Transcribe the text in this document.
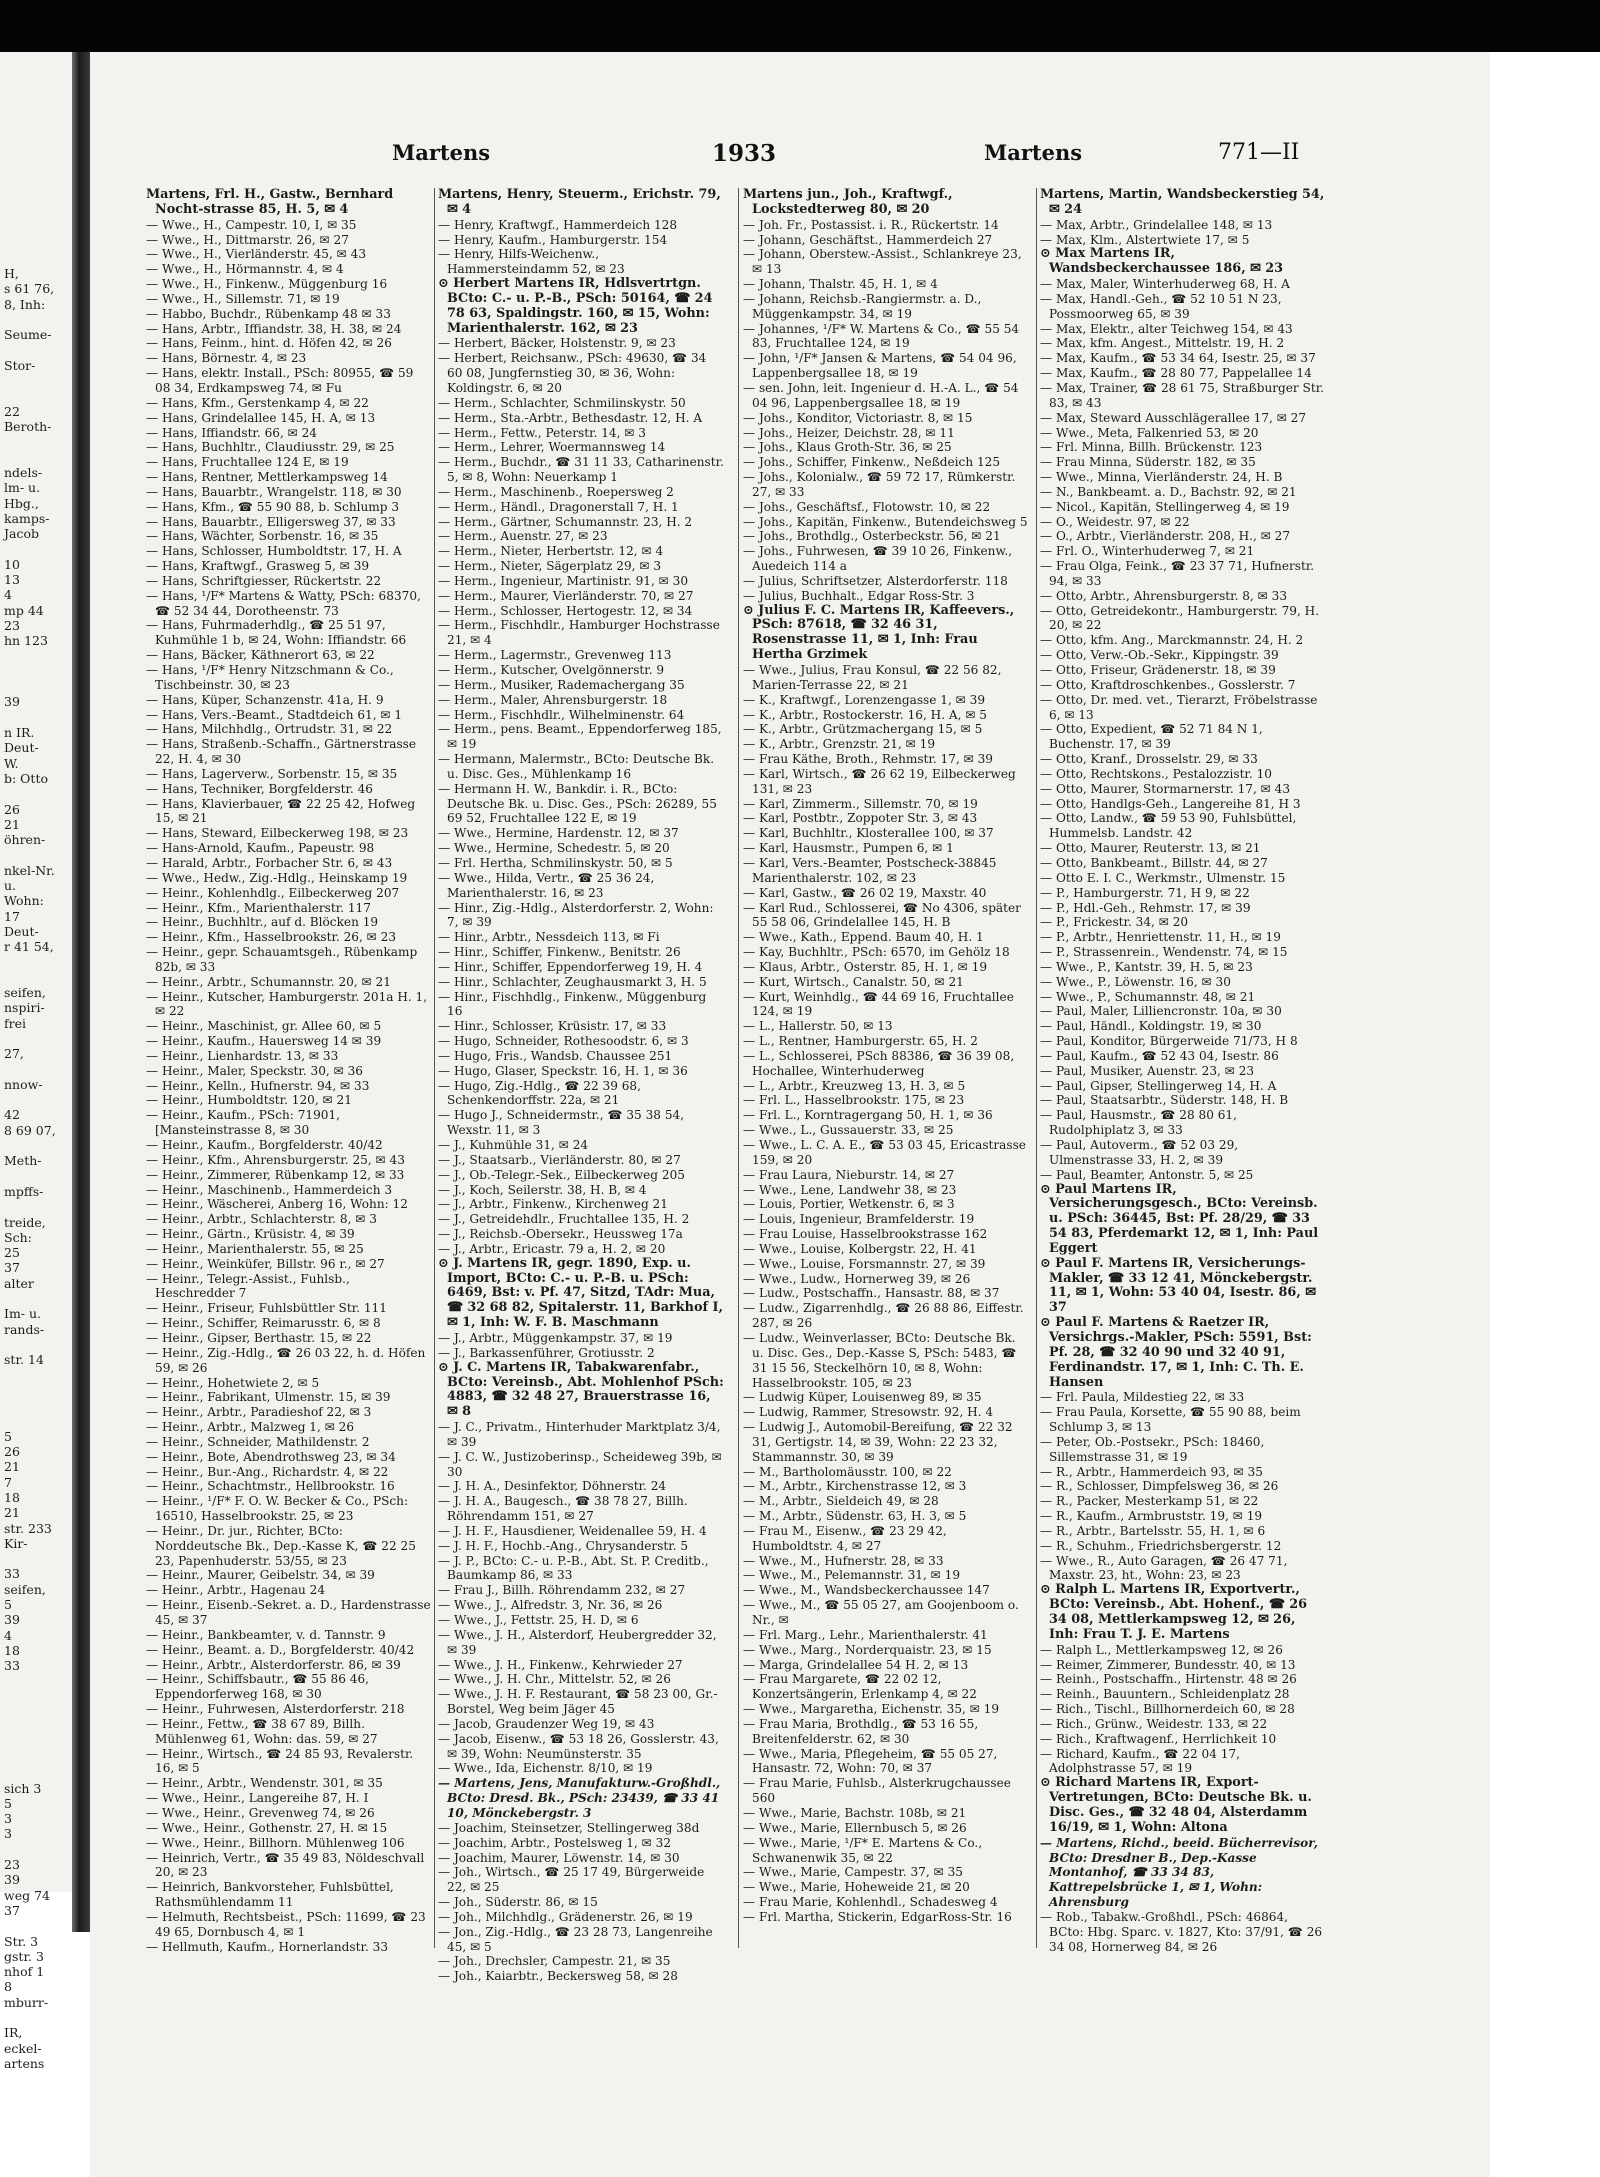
H,
s 61 76,
8, Inh:
Seume-
Stor-
22
Beroth-
ndels-
lm- u.
Hbg.,
kamps-
Jacob
10
13
4
mp 44
23
hn 123
39
n IR.
Deut-
W.
b: Otto
26
21
öhren-
nkel-Nr.
u.
Wohn:
17
Deut-
r 41 54,
seifen,
nspiri-
frei
27,
nnow-
42
8 69 07,
Meth-
mpffs-
treide,
Sch:
25
37
alter
Im- u.
rands-
str. 14
5
26
21
7
18
21
str. 233
Kir-
33
seifen,
5
39
4
18
33
sich 3
5
3
3
23
39
weg 74
37
Str. 3
gstr. 3
nhof 1
8
mburr-
IR,
eckel-
artens
Martens	1933	Martens	771—II
Martens, Frl. H., Gastw., Bernhard Nocht-strasse 85, H. 5, ✉ 4
— Wwe., H., Campestr. 10, I, ✉ 35
— Wwe., H., Dittmarstr. 26, ✉ 27
— Wwe., H., Vierländerstr. 45, ✉ 43
— Wwe., H., Hörmannstr. 4, ✉ 4
— Wwe., H., Finkenw., Müggenburg 16
— Wwe., H., Sillemstr. 71, ✉ 19
— Habbo, Buchdr., Rübenkamp 48 ✉ 33
— Hans, Arbtr., Iffiandstr. 38, H. 38, ✉ 24
— Hans, Feinm., hint. d. Höfen 42, ✉ 26
— Hans, Börnestr. 4, ✉ 23
— Hans, elektr. Install., PSch: 80955, ☎ 59 08 34, Erdkampsweg 74, ✉ Fu
— Hans, Kfm., Gerstenkamp 4, ✉ 22
— Hans, Grindelallee 145, H. A, ✉ 13
— Hans, Iffiandstr. 66, ✉ 24
— Hans, Buchhltr., Claudiusstr. 29, ✉ 25
— Hans, Fruchtallee 124 E, ✉ 19
— Hans, Rentner, Mettlerkampsweg 14
— Hans, Bauarbtr., Wrangelstr. 118, ✉ 30
— Hans, Kfm., ☎ 55 90 88, b. Schlump 3
— Hans, Bauarbtr., Elligersweg 37, ✉ 33
— Hans, Wächter, Sorbenstr. 16, ✉ 35
— Hans, Schlosser, Humboldtstr. 17, H. A
— Hans, Kraftwgf., Grasweg 5, ✉ 39
— Hans, Schriftgiesser, Rückertstr. 22
— Hans, ¹/F* Martens & Watty, PSch: 68370, ☎ 52 34 44, Dorotheenstr. 73
— Hans, Fuhrmaderhdlg., ☎ 25 51 97, Kuhmühle 1 b, ✉ 24, Wohn: Iffiandstr. 66
— Hans, Bäcker, Käthnerort 63, ✉ 22
— Hans, ¹/F* Henry Nitzschmann & Co., Tischbeinstr. 30, ✉ 23
— Hans, Küper, Schanzenstr. 41a, H. 9
— Hans, Vers.-Beamt., Stadtdeich 61, ✉ 1
— Hans, Milchhdlg., Ortrudstr. 31, ✉ 22
— Hans, Straßenb.-Schaffn., Gärtnerstrasse 22, H. 4, ✉ 30
— Hans, Lagerverw., Sorbenstr. 15, ✉ 35
— Hans, Techniker, Borgfelderstr. 46
— Hans, Klavierbauer, ☎ 22 25 42, Hofweg 15, ✉ 21
— Hans, Steward, Eilbeckerweg 198, ✉ 23
— Hans-Arnold, Kaufm., Papeustr. 98
— Harald, Arbtr., Forbacher Str. 6, ✉ 43
— Wwe., Hedw., Zig.-Hdlg., Heinskamp 19
— Heinr., Kohlenhdlg., Eilbeckerweg 207
— Heinr., Kfm., Marienthalerstr. 117
— Heinr., Buchhltr., auf d. Blöcken 19
— Heinr., Kfm., Hasselbrookstr. 26, ✉ 23
— Heinr., gepr. Schauamtsgeh., Rübenkamp 82b, ✉ 33
— Heinr., Arbtr., Schumannstr. 20, ✉ 21
— Heinr., Kutscher, Hamburgerstr. 201a H. 1, ✉ 22
— Heinr., Maschinist, gr. Allee 60, ✉ 5
— Heinr., Kaufm., Hauersweg 14 ✉ 39
— Heinr., Lienhardstr. 13, ✉ 33
— Heinr., Maler, Speckstr. 30, ✉ 36
— Heinr., Kelln., Hufnerstr. 94, ✉ 33
— Heinr., Humboldtstr. 120, ✉ 21
— Heinr., Kaufm., PSch: 71901, [Mansteinstrasse 8, ✉ 30
— Heinr., Kaufm., Borgfelderstr. 40/42
— Heinr., Kfm., Ahrensburgerstr. 25, ✉ 43
— Heinr., Zimmerer, Rübenkamp 12, ✉ 33
— Heinr., Maschinenb., Hammerdeich 3
— Heinr., Wäscherei, Anberg 16, Wohn: 12
— Heinr., Arbtr., Schlachterstr. 8, ✉ 3
— Heinr., Gärtn., Krüsistr. 4, ✉ 39
— Heinr., Marienthalerstr. 55, ✉ 25
— Heinr., Weinküfer, Billstr. 96 r., ✉ 27
— Heinr., Telegr.-Assist., Fuhlsb., Heschredder 7
— Heinr., Friseur, Fuhlsbüttler Str. 111
— Heinr., Schiffer, Reimarusstr. 6, ✉ 8
— Heinr., Gipser, Berthastr. 15, ✉ 22
— Heinr., Zig.-Hdlg., ☎ 26 03 22, h. d. Höfen 59, ✉ 26
— Heinr., Hohetwiete 2, ✉ 5
— Heinr., Fabrikant, Ulmenstr. 15, ✉ 39
— Heinr., Arbtr., Paradieshof 22, ✉ 3
— Heinr., Arbtr., Malzweg 1, ✉ 26
— Heinr., Schneider, Mathildenstr. 2
— Heinr., Bote, Abendrothsweg 23, ✉ 34
— Heinr., Bur.-Ang., Richardstr. 4, ✉ 22
— Heinr., Schachtmstr., Hellbrookstr. 16
— Heinr., ¹/F* F. O. W. Becker & Co., PSch: 16510, Hasselbrookstr. 25, ✉ 23
— Heinr., Dr. jur., Richter, BCto: Norddeutsche Bk., Dep.-Kasse K, ☎ 22 25 23, Papenhuderstr. 53/55, ✉ 23
— Heinr., Maurer, Geibelstr. 34, ✉ 39
— Heinr., Arbtr., Hagenau 24
— Heinr., Eisenb.-Sekret. a. D., Hardenstrasse 45, ✉ 37
— Heinr., Bankbeamter, v. d. Tannstr. 9
— Heinr., Beamt. a. D., Borgfelderstr. 40/42
— Heinr., Arbtr., Alsterdorferstr. 86, ✉ 39
— Heinr., Schiffsbautr., ☎ 55 86 46, Eppendorferweg 168, ✉ 30
— Heinr., Fuhrwesen, Alsterdorferstr. 218
— Heinr., Fettw., ☎ 38 67 89, Billh. Mühlenweg 61, Wohn: das. 59, ✉ 27
— Heinr., Wirtsch., ☎ 24 85 93, Revalerstr. 16, ✉ 5
— Heinr., Arbtr., Wendenstr. 301, ✉ 35
— Wwe., Heinr., Langereihe 87, H. I
— Wwe., Heinr., Grevenweg 74, ✉ 26
— Wwe., Heinr., Gothenstr. 27, H. ✉ 15
— Wwe., Heinr., Billhorn. Mühlenweg 106
— Heinrich, Vertr., ☎ 35 49 83, Nöldeschvall 20, ✉ 23
— Heinrich, Bankvorsteher, Fuhlsbüttel, Rathsmühlendamm 11
— Helmuth, Rechtsbeist., PSch: 11699, ☎ 23 49 65, Dornbusch 4, ✉ 1
— Hellmuth, Kaufm., Hornerlandstr. 33
Martens, Henry, Steuerm., Erichstr. 79, ✉ 4
— Henry, Kraftwgf., Hammerdeich 128
— Henry, Kaufm., Hamburgerstr. 154
— Henry, Hilfs-Weichenw., Hammersteindamm 52, ✉ 23
⊙ Herbert Martens IR, Hdlsvertrtgn. BCto: C.- u. P.-B., PSch: 50164, ☎ 24 78 63, Spaldingstr. 160, ✉ 15, Wohn: Marienthalerstr. 162, ✉ 23
— Herbert, Bäcker, Holstenstr. 9, ✉ 23
— Herbert, Reichsanw., PSch: 49630, ☎ 34 60 08, Jungfernstieg 30, ✉ 36, Wohn: Koldingstr. 6, ✉ 20
— Herm., Schlachter, Schmilinskystr. 50
— Herm., Sta.-Arbtr., Bethesdastr. 12, H. A
— Herm., Fettw., Peterstr. 14, ✉ 3
— Herm., Lehrer, Woermannsweg 14
— Herm., Buchdr., ☎ 31 11 33, Catharinenstr. 5, ✉ 8, Wohn: Neuerkamp 1
— Herm., Maschinenb., Roepersweg 2
— Herm., Händl., Dragonerstall 7, H. 1
— Herm., Gärtner, Schumannstr. 23, H. 2
— Herm., Auenstr. 27, ✉ 23
— Herm., Nieter, Herbertstr. 12, ✉ 4
— Herm., Nieter, Sägerplatz 29, ✉ 3
— Herm., Ingenieur, Martinistr. 91, ✉ 30
— Herm., Maurer, Vierländerstr. 70, ✉ 27
— Herm., Schlosser, Hertogestr. 12, ✉ 34
— Herm., Fischhdlr., Hamburger Hochstrasse 21, ✉ 4
— Herm., Lagermstr., Grevenweg 113
— Herm., Kutscher, Ovelgönnerstr. 9
— Herm., Musiker, Rademachergang 35
— Herm., Maler, Ahrensburgerstr. 18
— Herm., Fischhdlr., Wilhelminenstr. 64
— Herm., pens. Beamt., Eppendorferweg 185, ✉ 19
— Hermann, Malermstr., BCto: Deutsche Bk. u. Disc. Ges., Mühlenkamp 16
— Hermann H. W., Bankdir. i. R., BCto: Deutsche Bk. u. Disc. Ges., PSch: 26289, 55 69 52, Fruchtallee 122 E, ✉ 19
— Wwe., Hermine, Hardenstr. 12, ✉ 37
— Wwe., Hermine, Schedestr. 5, ✉ 20
— Frl. Hertha, Schmilinskystr. 50, ✉ 5
— Wwe., Hilda, Vertr., ☎ 25 36 24, Marienthalerstr. 16, ✉ 23
— Hinr., Zig.-Hdlg., Alsterdorferstr. 2, Wohn: 7, ✉ 39
— Hinr., Arbtr., Nessdeich 113, ✉ Fi
— Hinr., Schiffer, Finkenw., Benitstr. 26
— Hinr., Schiffer, Eppendorferweg 19, H. 4
— Hinr., Schlachter, Zeughausmarkt 3, H. 5
— Hinr., Fischhdlg., Finkenw., Müggenburg 16
— Hinr., Schlosser, Krüsistr. 17, ✉ 33
— Hugo, Schneider, Rothesoodstr. 6, ✉ 3
— Hugo, Fris., Wandsb. Chaussee 251
— Hugo, Glaser, Speckstr. 16, H. 1, ✉ 36
— Hugo, Zig.-Hdlg., ☎ 22 39 68, Schenkendorffstr. 22a, ✉ 21
— Hugo J., Schneidermstr., ☎ 35 38 54, Wexstr. 11, ✉ 3
— J., Kuhmühle 31, ✉ 24
— J., Staatsarb., Vierländerstr. 80, ✉ 27
— J., Ob.-Telegr.-Sek., Eilbeckerweg 205
— J., Koch, Seilerstr. 38, H. B, ✉ 4
— J., Arbtr., Finkenw., Kirchenweg 21
— J., Getreidehdlr., Fruchtallee 135, H. 2
— J., Reichsb.-Obersekr., Heussweg 17a
— J., Arbtr., Ericastr. 79 a, H. 2, ✉ 20
⊙ J. Martens IR, gegr. 1890, Exp. u. Import, BCto: C.- u. P.-B. u. PSch: 6469, Bst: v. Pf. 47, Sitzd, TAdr: Mua, ☎ 32 68 82, Spitalerstr. 11, Barkhof I, ✉ 1, Inh: W. F. B. Maschmann
— J., Arbtr., Müggenkampstr. 37, ✉ 19
— J., Barkassenführer, Grotiusstr. 2
⊙ J. C. Martens IR, Tabakwarenfabr., BCto: Vereinsb., Abt. Mohlenhof PSch: 4883, ☎ 32 48 27, Brauerstrasse 16, ✉ 8
— J. C., Privatm., Hinterhuder Marktplatz 3/4, ✉ 39
— J. C. W., Justizoberinsp., Scheideweg 39b, ✉ 30
— J. H. A., Desinfektor, Döhnerstr. 24
— J. H. A., Baugesch., ☎ 38 78 27, Billh. Röhrendamm 151, ✉ 27
— J. H. F., Hausdiener, Weidenallee 59, H. 4
— J. H. F., Hochb.-Ang., Chrysanderstr. 5
— J. P., BCto: C.- u. P.-B., Abt. St. P. Creditb., Baumkamp 86, ✉ 33
— Frau J., Billh. Röhrendamm 232, ✉ 27
— Wwe., J., Alfredstr. 3, Nr. 36, ✉ 26
— Wwe., J., Fettstr. 25, H. D, ✉ 6
— Wwe., J. H., Alsterdorf, Heubergredder 32, ✉ 39
— Wwe., J. H., Finkenw., Kehrwieder 27
— Wwe., J. H. Chr., Mittelstr. 52, ✉ 26
— Wwe., J. H. F. Restaurant, ☎ 58 23 00, Gr.-Borstel, Weg beim Jäger 45
— Jacob, Graudenzer Weg 19, ✉ 43
— Jacob, Eisenw., ☎ 53 18 26, Gosslerstr. 43, ✉ 39, Wohn: Neumünsterstr. 35
— Wwe., Ida, Eichenstr. 8/10, ✉ 19
— Martens, Jens, Manufakturw.-Großhdl., BCto: Dresd. Bk., PSch: 23439, ☎ 33 41 10, Mönckebergstr. 3
— Joachim, Steinsetzer, Stellingerweg 38d
— Joachim, Arbtr., Postelsweg 1, ✉ 32
— Joachim, Maurer, Löwenstr. 14, ✉ 30
— Joh., Wirtsch., ☎ 25 17 49, Bürgerweide 22, ✉ 25
— Joh., Süderstr. 86, ✉ 15
— Joh., Milchhdlg., Grädenerstr. 26, ✉ 19
— Jon., Zig.-Hdlg., ☎ 23 28 73, Langenreihe 45, ✉ 5
— Joh., Drechsler, Campestr. 21, ✉ 35
— Joh., Kaiarbtr., Beckersweg 58, ✉ 28
Martens jun., Joh., Kraftwgf., Lockstedterweg 80, ✉ 20
— Joh. Fr., Postassist. i. R., Rückertstr. 14
— Johann, Geschäftst., Hammerdeich 27
— Johann, Oberstew.-Assist., Schlankreye 23, ✉ 13
— Johann, Thalstr. 45, H. 1, ✉ 4
— Johann, Reichsb.-Rangiermstr. a. D., Müggenkampstr. 34, ✉ 19
— Johannes, ¹/F* W. Martens & Co., ☎ 55 54 83, Fruchtallee 124, ✉ 19
— John, ¹/F* Jansen & Martens, ☎ 54 04 96, Lappenbergsallee 18, ✉ 19
— sen. John, leit. Ingenieur d. H.-A. L., ☎ 54 04 96, Lappenbergsallee 18, ✉ 19
— Johs., Konditor, Victoriastr. 8, ✉ 15
— Johs., Heizer, Deichstr. 28, ✉ 11
— Johs., Klaus Groth-Str. 36, ✉ 25
— Johs., Schiffer, Finkenw., Neßdeich 125
— Johs., Kolonialw., ☎ 59 72 17, Rümkerstr. 27, ✉ 33
— Johs., Geschäftsf., Flotowstr. 10, ✉ 22
— Johs., Kapitän, Finkenw., Butendeichsweg 5
— Johs., Brothdlg., Osterbeckstr. 56, ✉ 21
— Johs., Fuhrwesen, ☎ 39 10 26, Finkenw., Auedeich 114 a
— Julius, Schriftsetzer, Alsterdorferstr. 118
— Julius, Buchhalt., Edgar Ross-Str. 3
⊙ Julius F. C. Martens IR, Kaffeevers., PSch: 87618, ☎ 32 46 31, Rosenstrasse 11, ✉ 1, Inh: Frau Hertha Grzimek
— Wwe., Julius, Frau Konsul, ☎ 22 56 82, Marien-Terrasse 22, ✉ 21
— K., Kraftwgf., Lorenzengasse 1, ✉ 39
— K., Arbtr., Rostockerstr. 16, H. A, ✉ 5
— K., Arbtr., Grützmachergang 15, ✉ 5
— K., Arbtr., Grenzstr. 21, ✉ 19
— Frau Käthe, Broth., Rehmstr. 17, ✉ 39
— Karl, Wirtsch., ☎ 26 62 19, Eilbeckerweg 131, ✉ 23
— Karl, Zimmerm., Sillemstr. 70, ✉ 19
— Karl, Postbtr., Zoppoter Str. 3, ✉ 43
— Karl, Buchhltr., Klosterallee 100, ✉ 37
— Karl, Hausmstr., Pumpen 6, ✉ 1
— Karl, Vers.-Beamter, Postscheck-38845 Marienthalerstr. 102, ✉ 23
— Karl, Gastw., ☎ 26 02 19, Maxstr. 40
— Karl Rud., Schlosserei, ☎ No 4306, später 55 58 06, Grindelallee 145, H. B
— Wwe., Kath., Eppend. Baum 40, H. 1
— Kay, Buchhltr., PSch: 6570, im Gehölz 18
— Klaus, Arbtr., Osterstr. 85, H. 1, ✉ 19
— Kurt, Wirtsch., Canalstr. 50, ✉ 21
— Kurt, Weinhdlg., ☎ 44 69 16, Fruchtallee 124, ✉ 19
— L., Hallerstr. 50, ✉ 13
— L., Rentner, Hamburgerstr. 65, H. 2
— L., Schlosserei, PSch 88386, ☎ 36 39 08, Hochallee, Winterhuderweg
— L., Arbtr., Kreuzweg 13, H. 3, ✉ 5
— Frl. L., Hasselbrookstr. 175, ✉ 23
— Frl. L., Korntragergang 50, H. 1, ✉ 36
— Wwe., L., Gussauerstr. 33, ✉ 25
— Wwe., L. C. A. E., ☎ 53 03 45, Ericastrasse 159, ✉ 20
— Frau Laura, Nieburstr. 14, ✉ 27
— Wwe., Lene, Landwehr 38, ✉ 23
— Louis, Portier, Wetkenstr. 6, ✉ 3
— Louis, Ingenieur, Bramfelderstr. 19
— Frau Louise, Hasselbrookstrasse 162
— Wwe., Louise, Kolbergstr. 22, H. 41
— Wwe., Louise, Forsmannstr. 27, ✉ 39
— Wwe., Ludw., Hornerweg 39, ✉ 26
— Ludw., Postschaffn., Hansastr. 88, ✉ 37
— Ludw., Zigarrenhdlg., ☎ 26 88 86, Eiffestr. 287, ✉ 26
— Ludw., Weinverlasser, BCto: Deutsche Bk. u. Disc. Ges., Dep.-Kasse S, PSch: 5483, ☎ 31 15 56, Steckelhörn 10, ✉ 8, Wohn: Hasselbrookstr. 105, ✉ 23
— Ludwig Küper, Louisenweg 89, ✉ 35
— Ludwig, Rammer, Stresowstr. 92, H. 4
— Ludwig J., Automobil-Bereifung, ☎ 22 32 31, Gertigstr. 14, ✉ 39, Wohn: 22 23 32, Stammannstr. 30, ✉ 39
— M., Bartholomäusstr. 100, ✉ 22
— M., Arbtr., Kirchenstrasse 12, ✉ 3
— M., Arbtr., Sieldeich 49, ✉ 28
— M., Arbtr., Südenstr. 63, H. 3, ✉ 5
— Frau M., Eisenw., ☎ 23 29 42, Humboldtstr. 4, ✉ 27
— Wwe., M., Hufnerstr. 28, ✉ 33
— Wwe., M., Pelemannstr. 31, ✉ 19
— Wwe., M., Wandsbeckerchaussee 147
— Wwe., M., ☎ 55 05 27, am Goojenboom o. Nr., ✉
— Frl. Marg., Lehr., Marienthalerstr. 41
— Wwe., Marg., Norderquaistr. 23, ✉ 15
— Marga, Grindelallee 54 H. 2, ✉ 13
— Frau Margarete, ☎ 22 02 12, Konzertsängerin, Erlenkamp 4, ✉ 22
— Wwe., Margaretha, Eichenstr. 35, ✉ 19
— Frau Maria, Brothdlg., ☎ 53 16 55, Breitenfelderstr. 62, ✉ 30
— Wwe., Maria, Pflegeheim, ☎ 55 05 27, Hansastr. 72, Wohn: 70, ✉ 37
— Frau Marie, Fuhlsb., Alsterkrugchaussee 560
— Wwe., Marie, Bachstr. 108b, ✉ 21
— Wwe., Marie, Ellernbusch 5, ✉ 26
— Wwe., Marie, ¹/F* E. Martens & Co., Schwanenwik 35, ✉ 22
— Wwe., Marie, Campestr. 37, ✉ 35
— Wwe., Marie, Hoheweide 21, ✉ 20
— Frau Marie, Kohlenhdl., Schadesweg 4
— Frl. Martha, Stickerin, EdgarRoss-Str. 16
Martens, Martin, Wandsbeckerstieg 54, ✉ 24
— Max, Arbtr., Grindelallee 148, ✉ 13
— Max, Klm., Alstertwiete 17, ✉ 5
⊙ Max Martens IR, Wandsbeckerchaussee 186, ✉ 23
— Max, Maler, Winterhuderweg 68, H. A
— Max, Handl.-Geh., ☎ 52 10 51 N 23, Possmoorweg 65, ✉ 39
— Max, Elektr., alter Teichweg 154, ✉ 43
— Max, kfm. Angest., Mittelstr. 19, H. 2
— Max, Kaufm., ☎ 53 34 64, Isestr. 25, ✉ 37
— Max, Kaufm., ☎ 28 80 77, Pappelallee 14
— Max, Trainer, ☎ 28 61 75, Straßburger Str. 83, ✉ 43
— Max, Steward Ausschlägerallee 17, ✉ 27
— Wwe., Meta, Falkenried 53, ✉ 20
— Frl. Minna, Billh. Brückenstr. 123
— Frau Minna, Süderstr. 182, ✉ 35
— Wwe., Minna, Vierländerstr. 24, H. B
— N., Bankbeamt. a. D., Bachstr. 92, ✉ 21
— Nicol., Kapitän, Stellingerweg 4, ✉ 19
— O., Weidestr. 97, ✉ 22
— O., Arbtr., Vierländerstr. 208, H., ✉ 27
— Frl. O., Winterhuderweg 7, ✉ 21
— Frau Olga, Feink., ☎ 23 37 71, Hufnerstr. 94, ✉ 33
— Otto, Arbtr., Ahrensburgerstr. 8, ✉ 33
— Otto, Getreidekontr., Hamburgerstr. 79, H. 20, ✉ 22
— Otto, kfm. Ang., Marckmannstr. 24, H. 2
— Otto, Verw.-Ob.-Sekr., Kippingstr. 39
— Otto, Friseur, Grädenerstr. 18, ✉ 39
— Otto, Kraftdroschkenbes., Gosslerstr. 7
— Otto, Dr. med. vet., Tierarzt, Fröbelstrasse 6, ✉ 13
— Otto, Expedient, ☎ 52 71 84 N 1, Buchenstr. 17, ✉ 39
— Otto, Kranf., Drosselstr. 29, ✉ 33
— Otto, Rechtskons., Pestalozzistr. 10
— Otto, Maurer, Stormarnerstr. 17, ✉ 43
— Otto, Handlgs-Geh., Langereihe 81, H 3
— Otto, Landw., ☎ 59 53 90, Fuhlsbüttel, Hummelsb. Landstr. 42
— Otto, Maurer, Reuterstr. 13, ✉ 21
— Otto, Bankbeamt., Billstr. 44, ✉ 27
— Otto E. I. C., Werkmstr., Ulmenstr. 15
— P., Hamburgerstr. 71, H 9, ✉ 22
— P., Hdl.-Geh., Rehmstr. 17, ✉ 39
— P., Frickestr. 34, ✉ 20
— P., Arbtr., Henriettenstr. 11, H., ✉ 19
— P., Strassenrein., Wendenstr. 74, ✉ 15
— Wwe., P., Kantstr. 39, H. 5, ✉ 23
— Wwe., P., Löwenstr. 16, ✉ 30
— Wwe., P., Schumannstr. 48, ✉ 21
— Paul, Maler, Lilliencronstr. 10a, ✉ 30
— Paul, Händl., Koldingstr. 19, ✉ 30
— Paul, Konditor, Bürgerweide 71/73, H 8
— Paul, Kaufm., ☎ 52 43 04, Isestr. 86
— Paul, Musiker, Auenstr. 23, ✉ 23
— Paul, Gipser, Stellingerweg 14, H. A
— Paul, Staatsarbtr., Süderstr. 148, H. B
— Paul, Hausmstr., ☎ 28 80 61, Rudolphiplatz 3, ✉ 33
— Paul, Autoverm., ☎ 52 03 29, Ulmenstrasse 33, H. 2, ✉ 39
— Paul, Beamter, Antonstr. 5, ✉ 25
⊙ Paul Martens IR, Versicherungsgesch., BCto: Vereinsb. u. PSch: 36445, Bst: Pf. 28/29, ☎ 33 54 83, Pferdemarkt 12, ✉ 1, Inh: Paul Eggert
⊙ Paul F. Martens IR, Versicherungs-Makler, ☎ 33 12 41, Mönckebergstr. 11, ✉ 1, Wohn: 53 40 04, Isestr. 86, ✉ 37
⊙ Paul F. Martens & Raetzer IR, Versichrgs.-Makler, PSch: 5591, Bst: Pf. 28, ☎ 32 40 90 und 32 40 91, Ferdinandstr. 17, ✉ 1, Inh: C. Th. E. Hansen
— Frl. Paula, Mildestieg 22, ✉ 33
— Frau Paula, Korsette, ☎ 55 90 88, beim Schlump 3, ✉ 13
— Peter, Ob.-Postsekr., PSch: 18460, Sillemstrasse 31, ✉ 19
— R., Arbtr., Hammerdeich 93, ✉ 35
— R., Schlosser, Dimpfelsweg 36, ✉ 26
— R., Packer, Mesterkamp 51, ✉ 22
— R., Kaufm., Armbruststr. 19, ✉ 19
— R., Arbtr., Bartelsstr. 55, H. 1, ✉ 6
— R., Schuhm., Friedrichsbergerstr. 12
— Wwe., R., Auto Garagen, ☎ 26 47 71, Maxstr. 23, ht., Wohn: 23, ✉ 23
⊙ Ralph L. Martens IR, Exportvertr., BCto: Vereinsb., Abt. Hohenf., ☎ 26 34 08, Mettlerkampsweg 12, ✉ 26, Inh: Frau T. J. E. Martens
— Ralph L., Mettlerkampsweg 12, ✉ 26
— Reimer, Zimmerer, Bundesstr. 40, ✉ 13
— Reinh., Postschaffn., Hirtenstr. 48 ✉ 26
— Reinh., Bauuntern., Schleidenplatz 28
— Rich., Tischl., Billhornerdeich 60, ✉ 28
— Rich., Grünw., Weidestr. 133, ✉ 22
— Rich., Kraftwagenf., Herrlichkeit 10
— Richard, Kaufm., ☎ 22 04 17, Adolphstrasse 57, ✉ 19
⊙ Richard Martens IR, Export-Vertretungen, BCto: Deutsche Bk. u. Disc. Ges., ☎ 32 48 04, Alsterdamm 16/19, ✉ 1, Wohn: Altona
— Martens, Richd., beeid. Bücherrevisor, BCto: Dresdner B., Dep.-Kasse Montanhof, ☎ 33 34 83, Kattrepelsbrücke 1, ✉ 1, Wohn: Ahrensburg
— Rob., Tabakw.-Großhdl., PSch: 46864, BCto: Hbg. Sparc. v. 1827, Kto: 37/91, ☎ 26 34 08, Hornerweg 84, ✉ 26
